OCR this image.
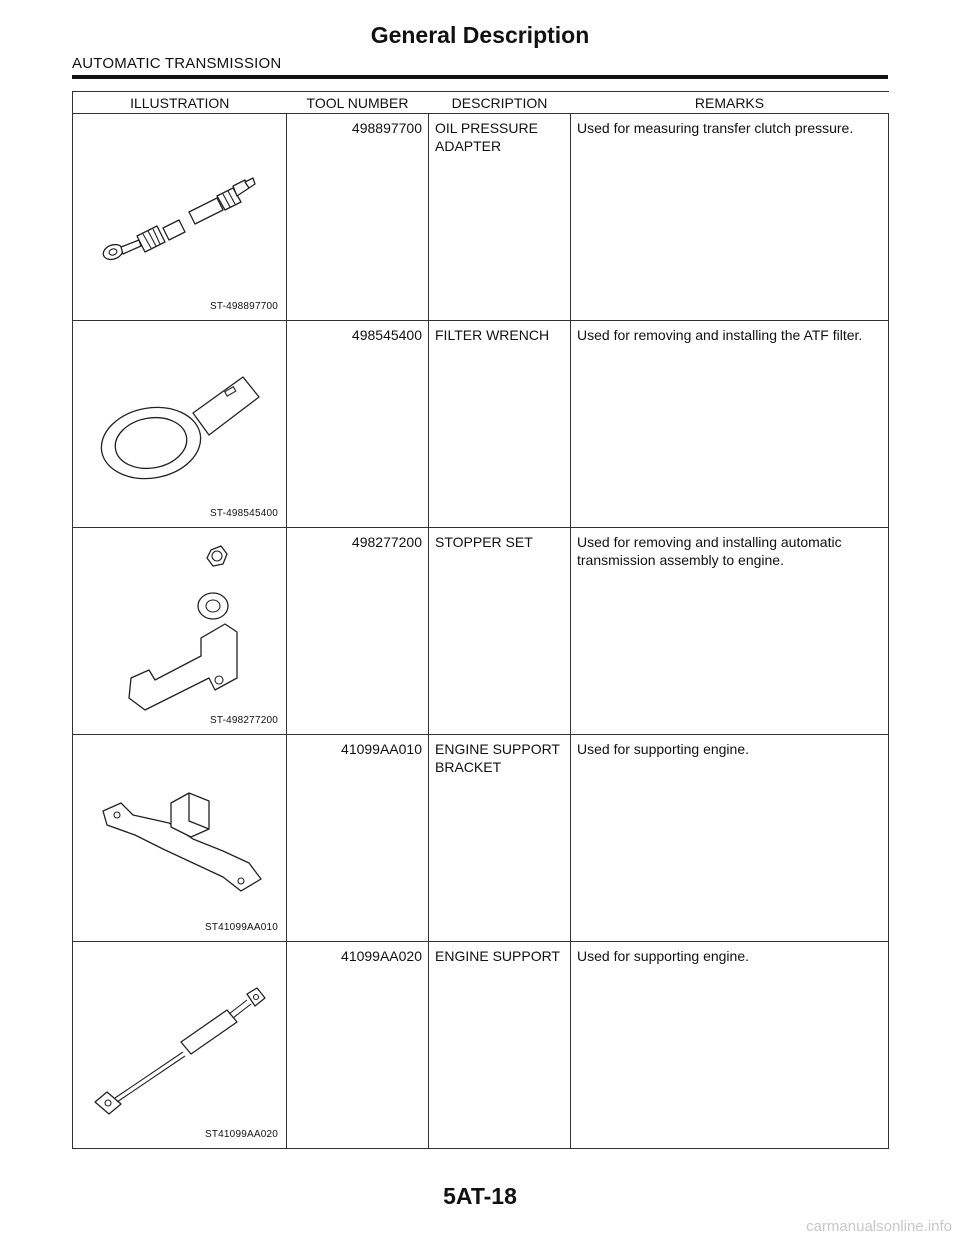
General Description
AUTOMATIC TRANSMISSION
ILLUSTRATION	TOOL NUMBER	DESCRIPTION	REMARKS

ST-498897700	498897700	OIL PRESSURE ADAPTER	Used for measuring transfer clutch pressure.

ST-498545400	498545400	FILTER WRENCH	Used for removing and installing the ATF filter.

ST-498277200	498277200	STOPPER SET	Used for removing and installing automatic transmission assembly to engine.

ST41099AA010	41099AA010	ENGINE SUPPORT BRACKET	Used for supporting engine.

ST41099AA020	41099AA020	ENGINE SUPPORT	Used for supporting engine.
5AT-18
carmanualsonline.info
